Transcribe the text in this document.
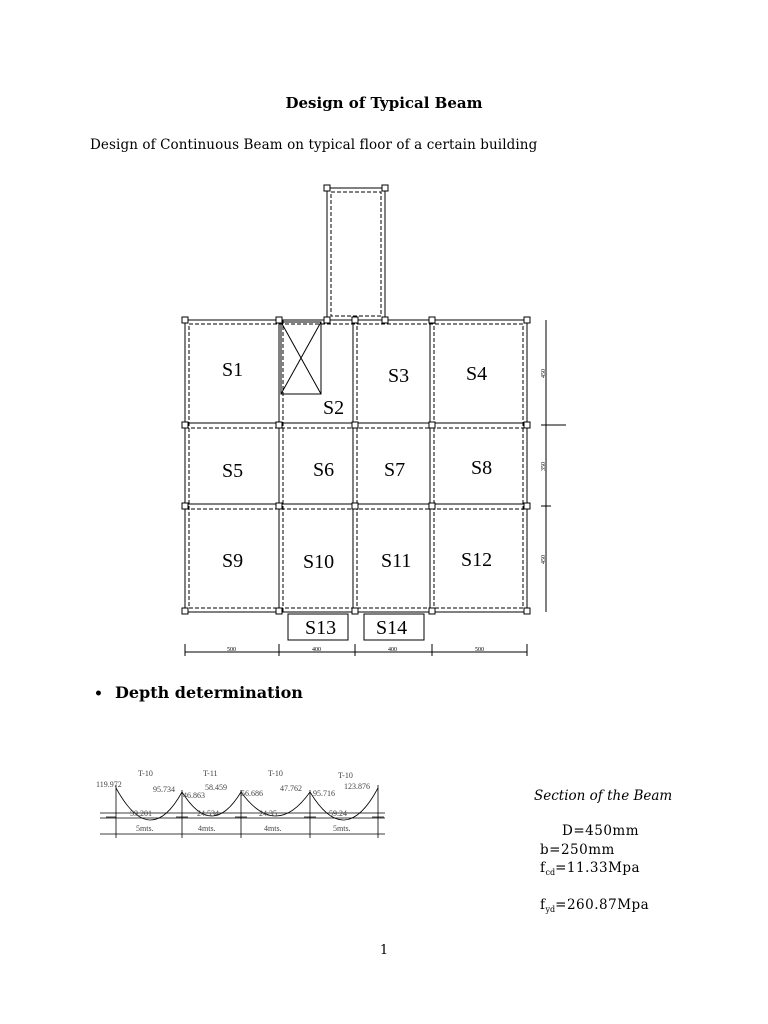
Design of Typical Beam
Design of Continuous Beam on typical floor of a certain building
S1
S2
S3	S4
S5	S6 S7	S8
S9	S10 S11 S12
S13 S14
500	400	400	500
450
350
450
T-10	T-11	T-10	T-10
119.972
95.734
46.863
58.459
56.686
47.762
95.716
123.876
59.201	24.534	24.35	59.24
5mts.	4mts.	4mts.	5mts.
• Depth determination
Section of the Beam
D=450mm
b=250mm
$f_{cd}=11.33Mpa$
$f_{yd}=260.87Mpa$
1
